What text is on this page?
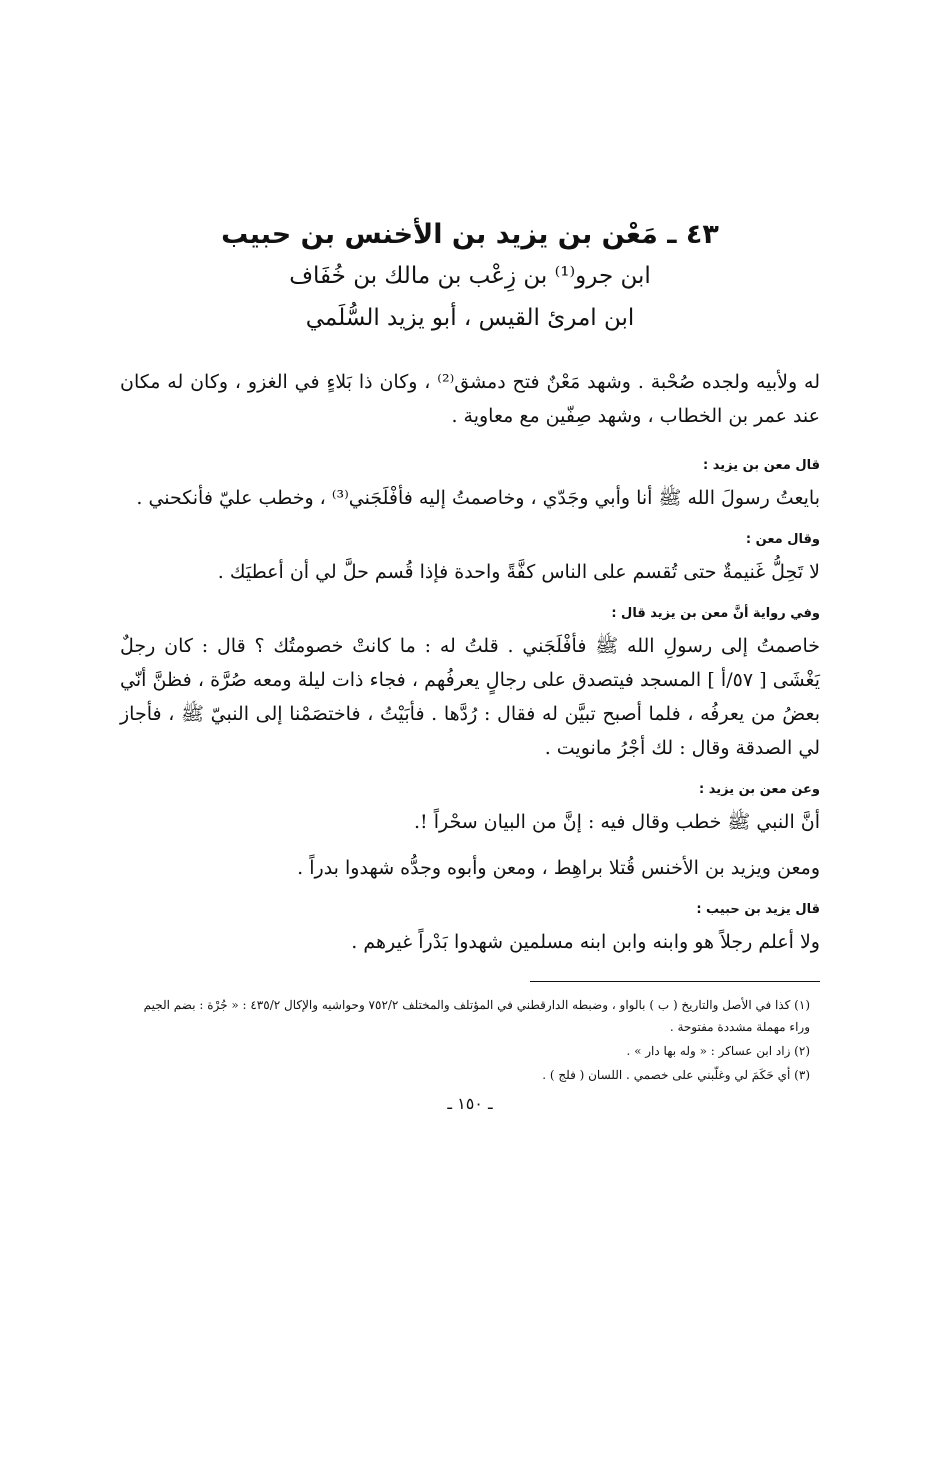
٤٣ ـ مَعْن بن يزيد بن الأخنس بن حبيب

ابن جرو⁽¹⁾ بن زِعْب بن مالك بن خُفَاف

ابن امرئ القيس ، أبو يزيد السُّلَمي

له ولأبيه ولجده صُحْبة . وشهد مَعْنٌ فتح دمشق⁽²⁾ ، وكان ذا بَلاءٍ في الغزو ، وكان له مكان عند عمر بن الخطاب ، وشهد صِفّين مع معاوية .

قال معن بن يزيد :

بايعتُ رسولَ الله ﷺ أنا وأبي وجَدّي ، وخاصمتُ إليه فأفْلَجَني⁽³⁾ ، وخطب عليّ فأنكحني .

وقال معن :

لا تَحِلُّ غَنيمةٌ حتى تُقسم على الناس كفَّةً واحدة فإذا قُسم حلَّ لي أن أعطيَك .

وفي رواية أنَّ معن بن يزيد قال :

خاصمتُ إلى رسولِ الله ﷺ فأفْلَجَني . قلتُ له : ما كانتْ خصومتُك ؟ قال : كان رجلٌ يَغْشَى [ ٥٧/أ ] المسجد فيتصدق على رجالٍ يعرفُهم ، فجاء ذات ليلة ومعه صُرَّة ، فظنَّ أنّي بعضُ من يعرفُه ، فلما أصبح تبيَّن له فقال : رُدَّها . فأبَيْتُ ، فاختصَمْنا إلى النبيّ ﷺ ، فأجاز لي الصدقة وقال : لك أجْرُ مانويت .

وعن معن بن يزيد :

أنَّ النبي ﷺ خطب وقال فيه : إنَّ من البيان سحْراً !.

ومعن ويزيد بن الأخنس قُتلا براهِط ، ومعن وأبوه وجدُّه شهدوا بدراً .

قال يزيد بن حبيب :

ولا أعلم رجلاً هو وابنه وابن ابنه مسلمين شهدوا بَدْراً غيرهم .

(١) كذا في الأصل والتاريخ ( ب ) بالواو ، وضبطه الدارقطني في المؤتلف والمختلف ٧٥٢/٢ وحواشيه والإكال ٤٣٥/٢ : « جُرْة : بضم الجيم وراء مهملة مشددة مفتوحة .

(٢) زاد ابن عساكر : « وله بها دار » .

(٣) أي حَكَمَ لي وغلّبني على خصمي . اللسان ( فلج ) .

ـ ١٥٠ ـ
